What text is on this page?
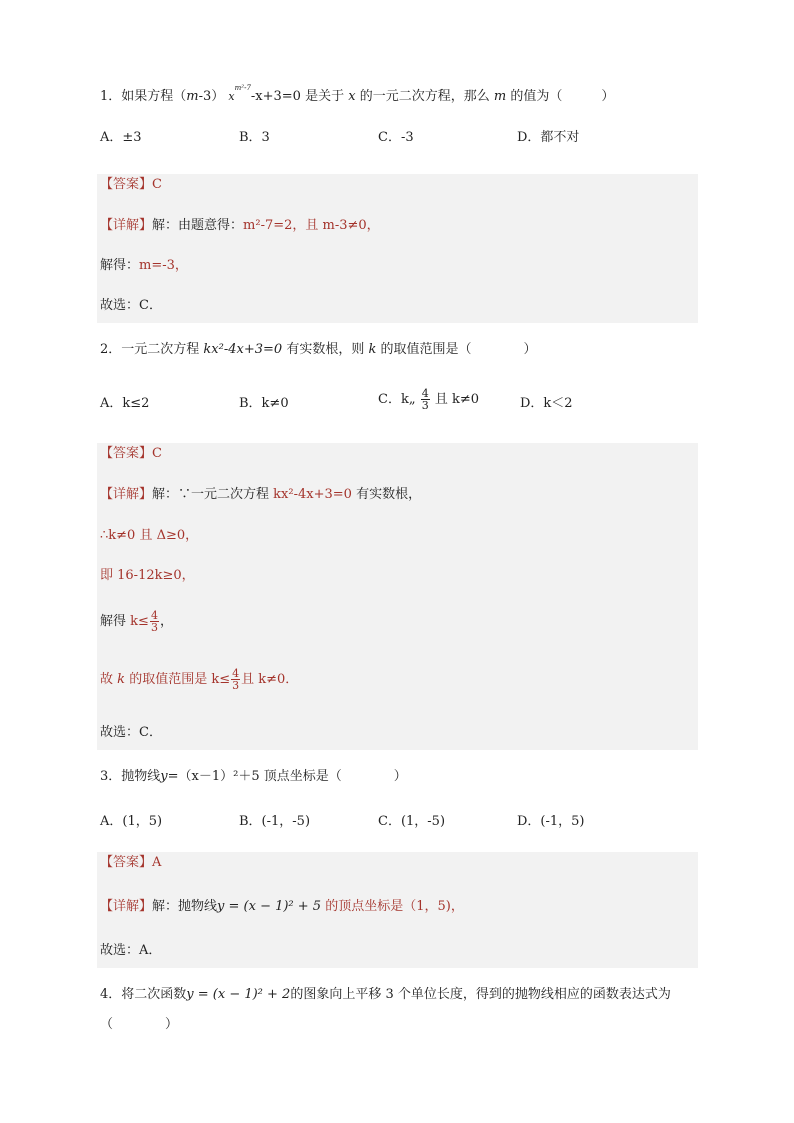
1．如果方程（m-3） $x^{m^2-7}-x+3=0$ 是关于 x 的一元二次方程，那么 m 的值为（　　　）
A．±3	B．3	C．-3	D．都不对
【答案】C
【详解】解：由题意得：m²-7=2，且 m-3≠0，
解得：m=-3，
故选：C．
2．一元二次方程 kx²-4x+3=0 有实数根，则 k 的取值范围是（　　　　）
A．k≤2	B．k≠0	C．k„ $\frac{4}{3}$ 且 k≠0	D．k＜2
【答案】C
【详解】解：∵一元二次方程 kx²-4x+3=0 有实数根，
∴k≠0 且 Δ≥0，
即 16-12k≥0，
解得 $k\le \frac{4}{3}$ ，
故 k 的取值范围是 $k\le \frac{4}{3}$ 且 k≠0．
故选：C．
3．抛物线y=（x－1）²＋5 顶点坐标是（　　　　）
A．(1，5)	B．(-1，-5)	C．(1，-5)	D．(-1，5)
【答案】A
【详解】解：抛物线y = (x − 1)² + 5 的顶点坐标是（1，5)，
故选：A．
4．将二次函数y = (x − 1)² + 2的图象向上平移 3 个单位长度，得到的抛物线相应的函数表达式为
（　　　　）
